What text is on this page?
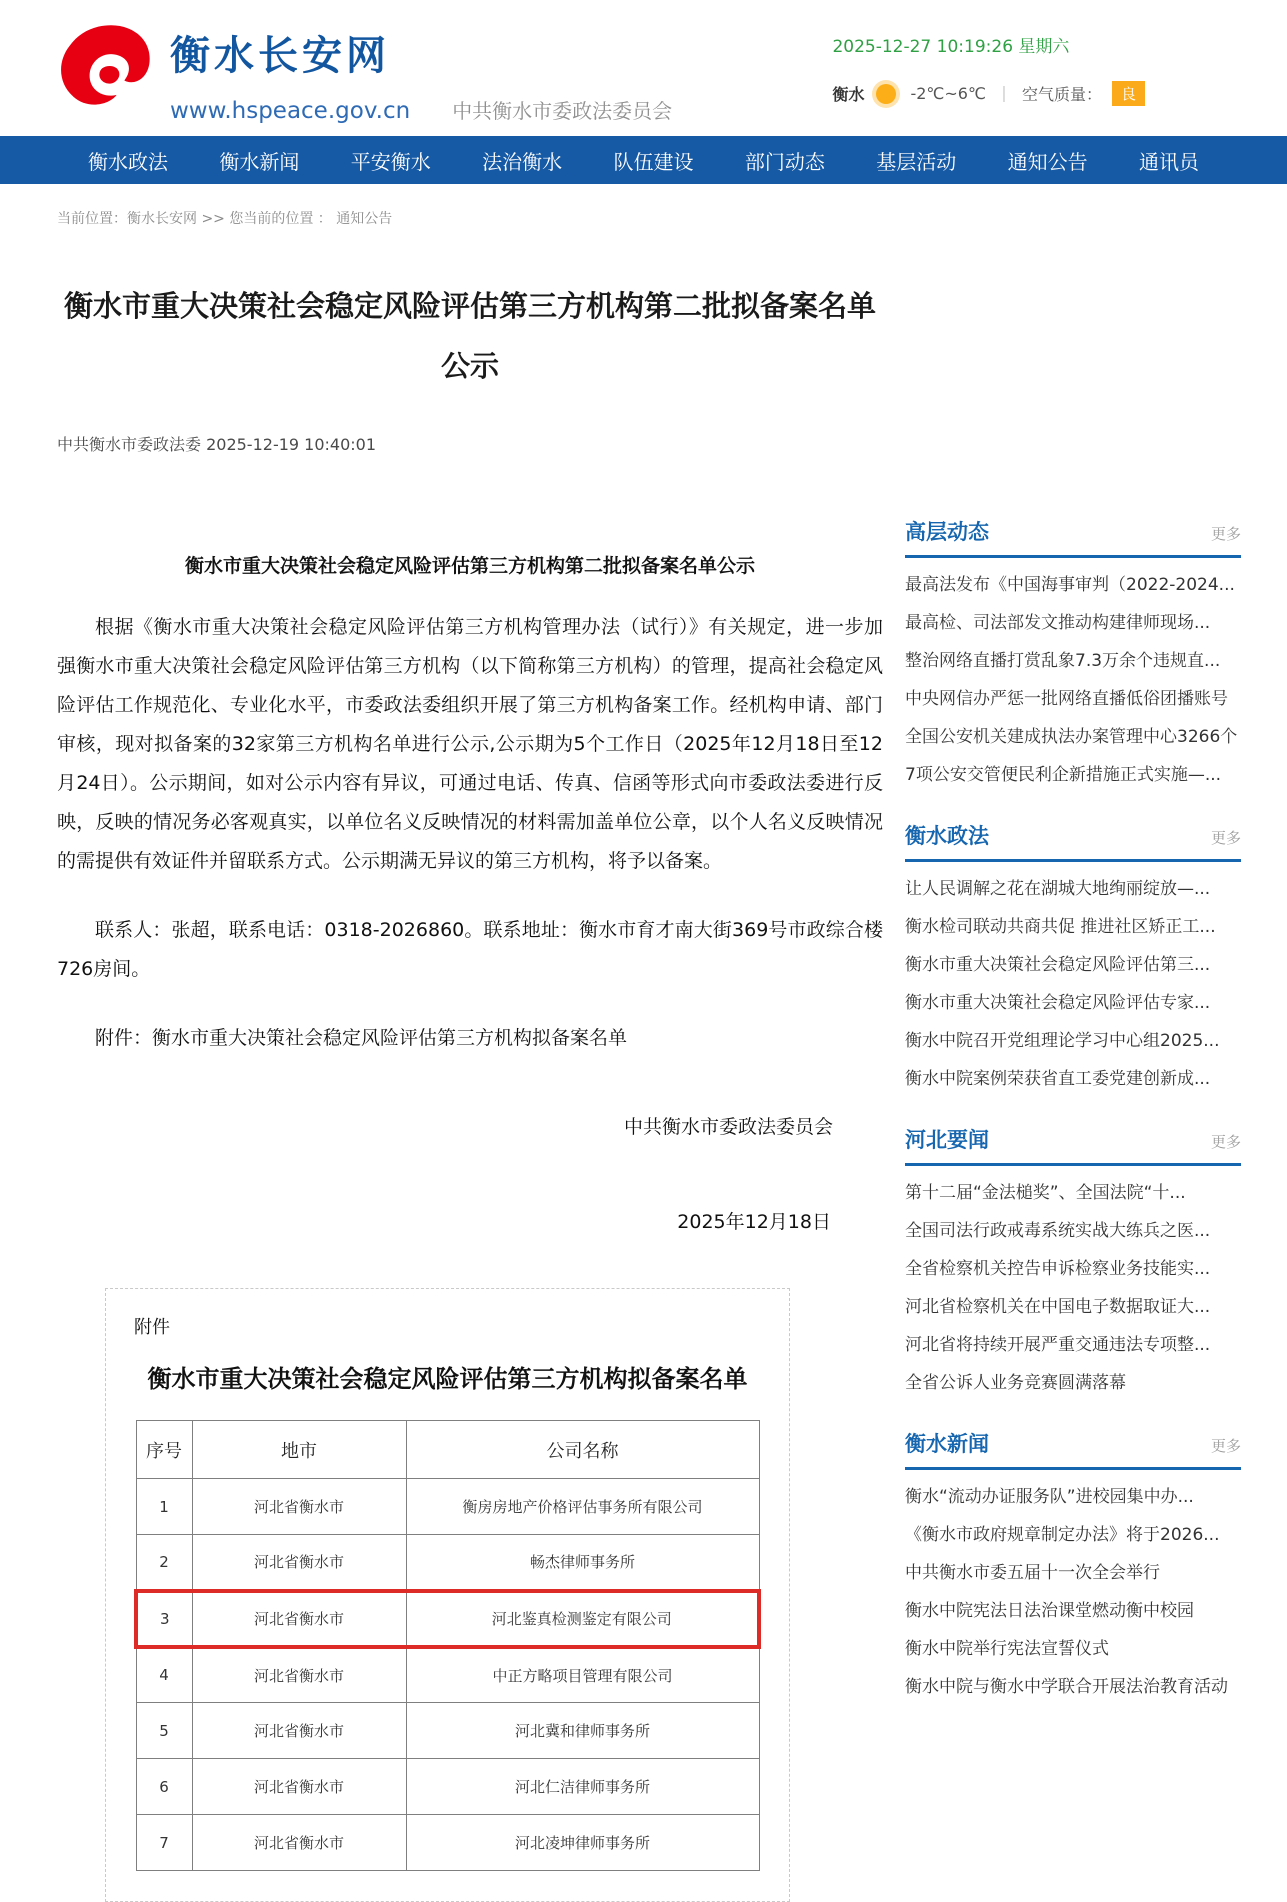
衡水长安网
www.hspeace.gov.cn 中共衡水市委政法委员会
2025-12-27 10:19:26 星期六
衡水	-2℃~6℃ ｜ 空气质量：	良
衡水政法	衡水新闻	平安衡水	法治衡水	队伍建设	部门动态	基层活动	通知公告	通讯员
当前位置：衡水长安网 >> 您当前的位置 ： 通知公告
衡水市重大决策社会稳定风险评估第三方机构第二批拟备案名单
公示
中共衡水市委政法委 2025-12-19 10:40:01
衡水市重大决策社会稳定风险评估第三方机构第二批拟备案名单公示

根据《衡水市重大决策社会稳定风险评估第三方机构管理办法（试行）》有关规定，进一步加强衡水市重大决策社会稳定风险评估第三方机构（以下简称第三方机构）的管理，提高社会稳定风险评估工作规范化、专业化水平，市委政法委组织开展了第三方机构备案工作。经机构申请、部门审核，现对拟备案的32家第三方机构名单进行公示,公示期为5个工作日（2025年12月18日至12月24日）。公示期间，如对公示内容有异议，可通过电话、传真、信函等形式向市委政法委进行反映，反映的情况务必客观真实，以单位名义反映情况的材料需加盖单位公章，以个人名义反映情况的需提供有效证件并留联系方式。公示期满无异议的第三方机构，将予以备案。

联系人：张超，联系电话：0318-2026860。联系地址：衡水市育才南大街369号市政综合楼726房间。

附件：衡水市重大决策社会稳定风险评估第三方机构拟备案名单

中共衡水市委政法委员会
2025年12月18日
附件
衡水市重大决策社会稳定风险评估第三方机构拟备案名单
序号	地市	公司名称
1	河北省衡水市	衡房房地产价格评估事务所有限公司
2	河北省衡水市	畅杰律师事务所
3	河北省衡水市	河北鉴真检测鉴定有限公司
4	河北省衡水市	中正方略项目管理有限公司
5	河北省衡水市	河北冀和律师事务所
6	河北省衡水市	河北仁洁律师事务所
7	河北省衡水市	河北凌坤律师事务所
高层动态	更多
最高法发布《中国海事审判（2022-2024...
最高检、司法部发文推动构建律师现场...
整治网络直播打赏乱象7.3万余个违规直...
中央网信办严惩一批网络直播低俗团播账号
全国公安机关建成执法办案管理中心3266个
7项公安交管便民利企新措施正式实施—...
衡水政法	更多
让人民调解之花在湖城大地绚丽绽放—...
衡水检司联动共商共促 推进社区矫正工...
衡水市重大决策社会稳定风险评估第三...
衡水市重大决策社会稳定风险评估专家...
衡水中院召开党组理论学习中心组2025...
衡水中院案例荣获省直工委党建创新成...
河北要闻	更多
第十二届“金法槌奖”、全国法院“十...
全国司法行政戒毒系统实战大练兵之医...
全省检察机关控告申诉检察业务技能实...
河北省检察机关在中国电子数据取证大...
河北省将持续开展严重交通违法专项整...
全省公诉人业务竞赛圆满落幕
衡水新闻	更多
衡水“流动办证服务队”进校园集中办...
《衡水市政府规章制定办法》将于2026...
中共衡水市委五届十一次全会举行
衡水中院宪法日法治课堂燃动衡中校园
衡水中院举行宪法宣誓仪式
衡水中院与衡水中学联合开展法治教育活动
